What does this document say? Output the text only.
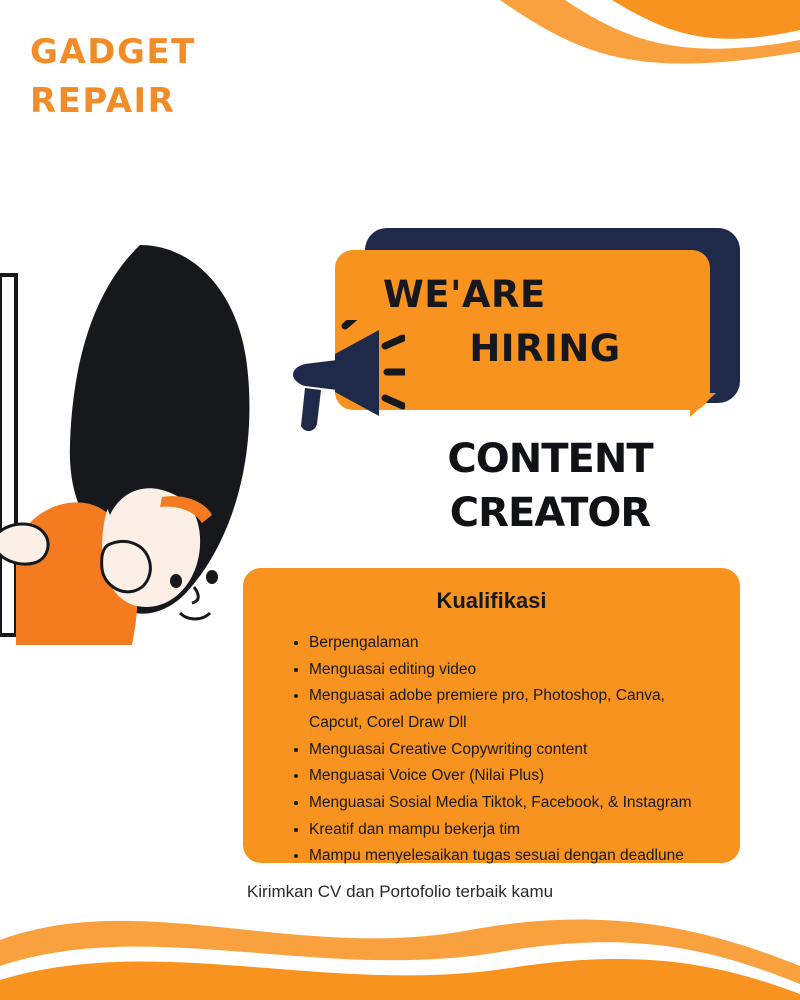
GADGET
REPAIR
WE'ARE
HIRING
CONTENT
CREATOR
Kualifikasi
• Berpengalaman
• Menguasai editing video
• Menguasai adobe premiere pro, Photoshop, Canva, Capcut, Corel Draw Dll
• Menguasai Creative Copywriting content
• Menguasai Voice Over (Nilai Plus)
• Menguasai Sosial Media Tiktok, Facebook, & Instagram
• Kreatif dan mampu bekerja tim
• Mampu menyelesaikan tugas sesuai dengan deadlune
Kirimkan CV dan Portofolio terbaik kamu
